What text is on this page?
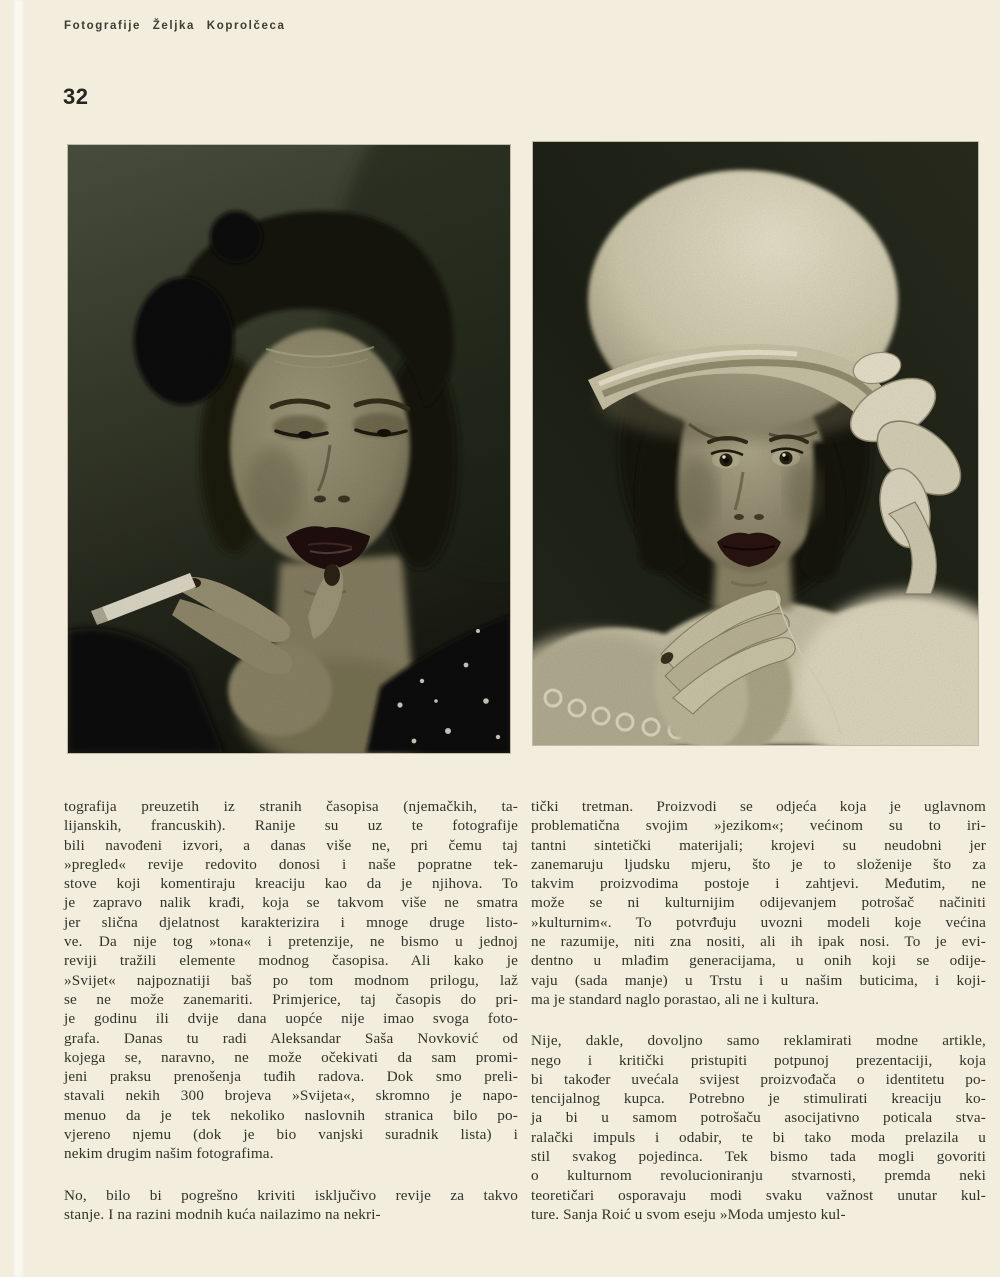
Fotografije Željka Koprolčeca
32
tografija preuzetih iz stranih časopisa (njemačkih, ta-
lijanskih, francuskih). Ranije su uz te fotografije
bili navođeni izvori, a danas više ne, pri čemu taj
»pregled« revije redovito donosi i naše popratne tek-
stove koji komentiraju kreaciju kao da je njihova. To
je zapravo nalik krađi, koja se takvom više ne smatra
jer slična djelatnost karakterizira i mnoge druge listo-
ve. Da nije tog »tona« i pretenzije, ne bismo u jednoj
reviji tražili elemente modnog časopisa. Ali kako je
»Svijet« najpoznatiji baš po tom modnom prilogu, laž
se ne može zanemariti. Primjerice, taj časopis do pri-
je godinu ili dvije dana uopće nije imao svoga foto-
grafa. Danas tu radi Aleksandar Saša Novković od
kojega se, naravno, ne može očekivati da sam promi-
jeni praksu prenošenja tuđih radova. Dok smo preli-
stavali nekih 300 brojeva »Svijeta«, skromno je napo-
menuo da je tek nekoliko naslovnih stranica bilo po-
vjereno njemu (dok je bio vanjski suradnik lista) i
nekim drugim našim fotografima.
No, bilo bi pogrešno kriviti isključivo revije za takvo
stanje. I na razini modnih kuća nailazimo na nekri-
tički tretman. Proizvodi se odjeća koja je uglavnom
problematična svojim »jezikom«; većinom su to iri-
tantni sintetički materijali; krojevi su neudobni jer
zanemaruju ljudsku mjeru, što je to složenije što za
takvim proizvodima postoje i zahtjevi. Međutim, ne
može se ni kulturnijim odijevanjem potrošač načiniti
»kulturnim«. To potvrđuju uvozni modeli koje većina
ne razumije, niti zna nositi, ali ih ipak nosi. To je evi-
dentno u mlađim generacijama, u onih koji se odije-
vaju (sada manje) u Trstu i u našim buticima, i koji-
ma je standard naglo porastao, ali ne i kultura.
Nije, dakle, dovoljno samo reklamirati modne artikle,
nego i kritički pristupiti potpunoj prezentaciji, koja
bi također uvećala svijest proizvođača o identitetu po-
tencijalnog kupca. Potrebno je stimulirati kreaciju ko-
ja bi u samom potrošaču asocijativno poticala stva-
ralački impuls i odabir, te bi tako moda prelazila u
stil svakog pojedinca. Tek bismo tada mogli govoriti
o kulturnom revolucioniranju stvarnosti, premda neki
teoretičari osporavaju modi svaku važnost unutar kul-
ture. Sanja Roić u svom eseju »Moda umjesto kul-
